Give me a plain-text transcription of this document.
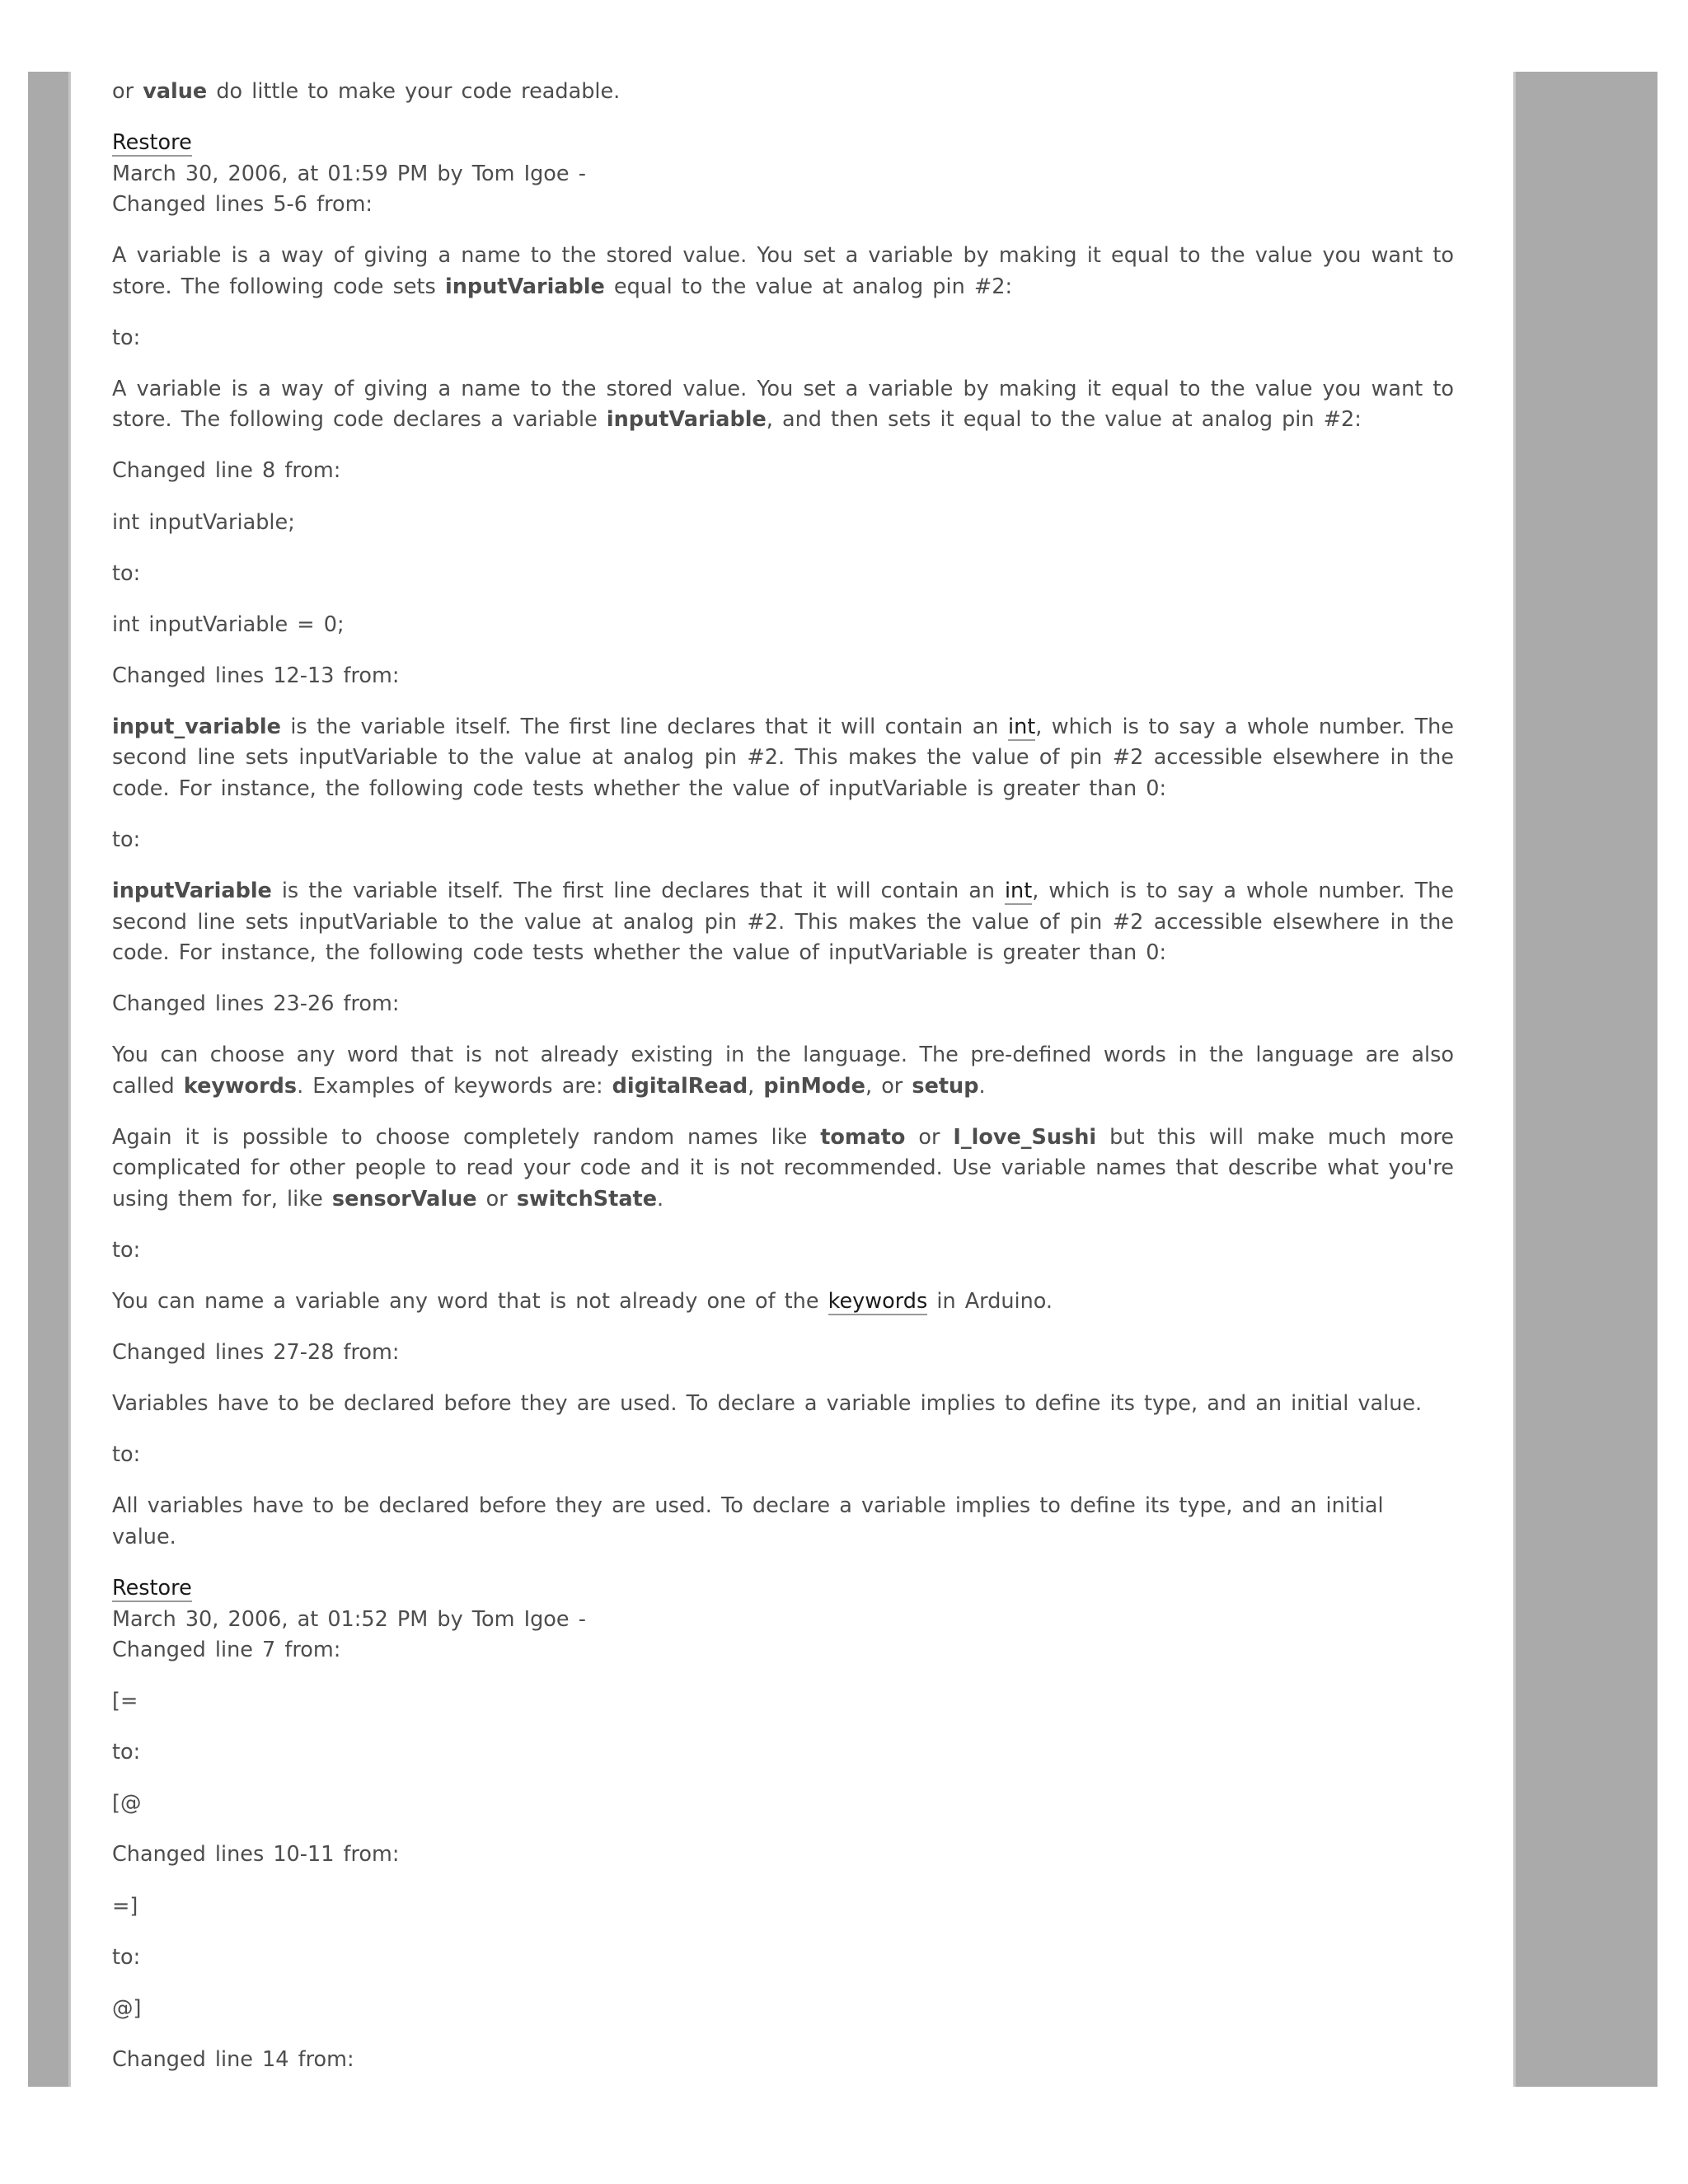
or value do little to make your code readable.

Restore
March 30, 2006, at 01:59 PM by Tom Igoe -
Changed lines 5-6 from:

A variable is a way of giving a name to the stored value. You set a variable by making it equal to the value you want to store. The following code sets inputVariable equal to the value at analog pin #2:

to:

A variable is a way of giving a name to the stored value. You set a variable by making it equal to the value you want to store. The following code declares a variable inputVariable, and then sets it equal to the value at analog pin #2:

Changed line 8 from:

int inputVariable;

to:

int inputVariable = 0;

Changed lines 12-13 from:

input_variable is the variable itself. The first line declares that it will contain an int, which is to say a whole number. The second line sets inputVariable to the value at analog pin #2. This makes the value of pin #2 accessible elsewhere in the code. For instance, the following code tests whether the value of inputVariable is greater than 0:

to:

inputVariable is the variable itself. The first line declares that it will contain an int, which is to say a whole number. The second line sets inputVariable to the value at analog pin #2. This makes the value of pin #2 accessible elsewhere in the code. For instance, the following code tests whether the value of inputVariable is greater than 0:

Changed lines 23-26 from:

You can choose any word that is not already existing in the language. The pre-defined words in the language are also called keywords. Examples of keywords are: digitalRead, pinMode, or setup.

Again it is possible to choose completely random names like tomato or I_love_Sushi but this will make much more complicated for other people to read your code and it is not recommended. Use variable names that describe what you're using them for, like sensorValue or switchState.

to:

You can name a variable any word that is not already one of the keywords in Arduino.

Changed lines 27-28 from:

Variables have to be declared before they are used. To declare a variable implies to define its type, and an initial value.

to:

All variables have to be declared before they are used. To declare a variable implies to define its type, and an initial value.

Restore
March 30, 2006, at 01:52 PM by Tom Igoe -
Changed line 7 from:

[=

to:

[@

Changed lines 10-11 from:

=]

to:

@]

Changed line 14 from:
